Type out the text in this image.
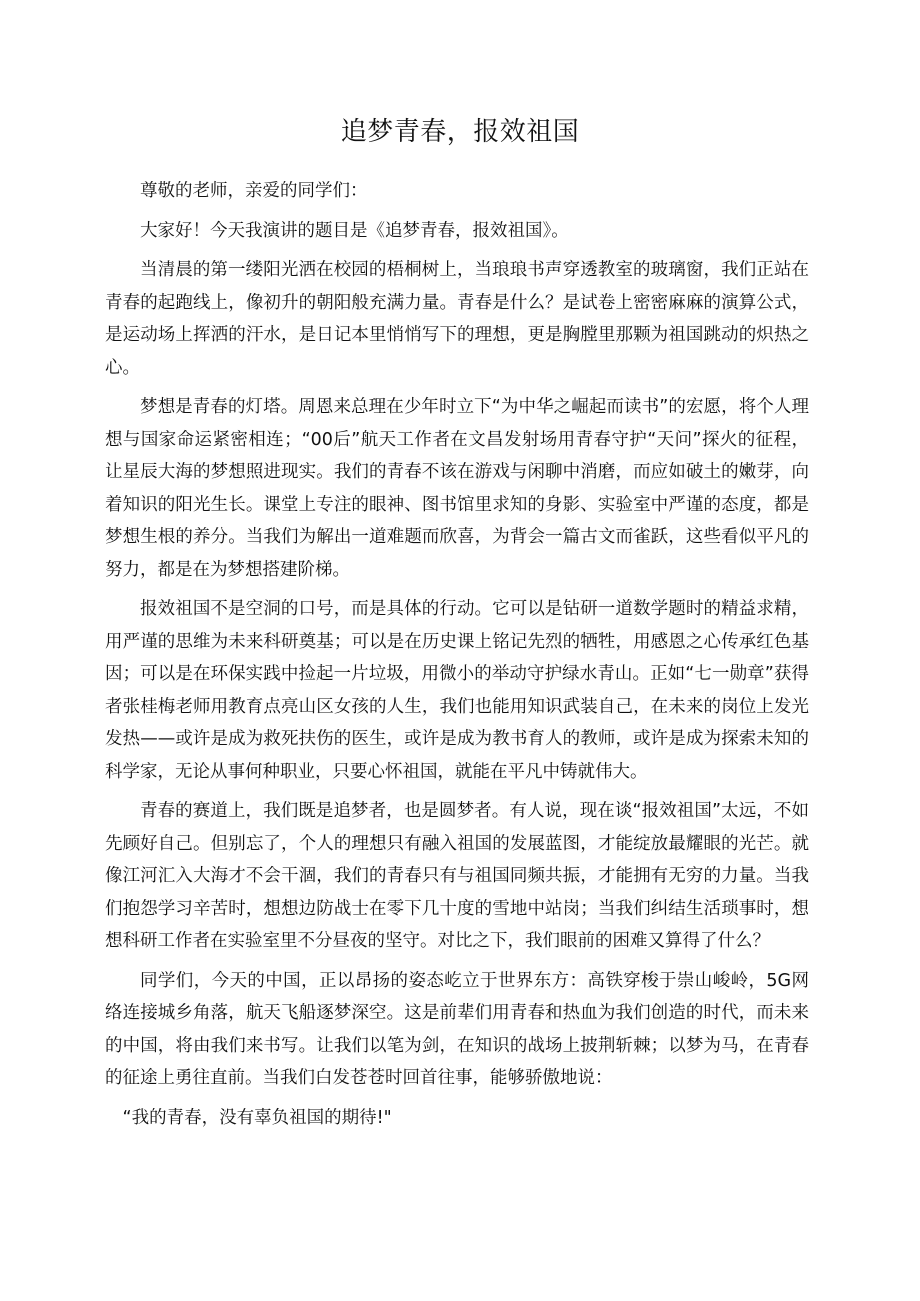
追梦青春，报效祖国

尊敬的老师，亲爱的同学们：

大家好！今天我演讲的题目是《追梦青春，报效祖国》。

当清晨的第一缕阳光洒在校园的梧桐树上，当琅琅书声穿透教室的玻璃窗，我们正站在青春的起跑线上，像初升的朝阳般充满力量。青春是什么？是试卷上密密麻麻的演算公式，是运动场上挥洒的汗水，是日记本里悄悄写下的理想，更是胸膛里那颗为祖国跳动的炽热之心。

梦想是青春的灯塔。周恩来总理在少年时立下“为中华之崛起而读书”的宏愿，将个人理想与国家命运紧密相连；“00后”航天工作者在文昌发射场用青春守护“天问”探火的征程，让星辰大海的梦想照进现实。我们的青春不该在游戏与闲聊中消磨，而应如破土的嫩芽，向着知识的阳光生长。课堂上专注的眼神、图书馆里求知的身影、实验室中严谨的态度，都是梦想生根的养分。当我们为解出一道难题而欣喜，为背会一篇古文而雀跃，这些看似平凡的努力，都是在为梦想搭建阶梯。

报效祖国不是空洞的口号，而是具体的行动。它可以是钻研一道数学题时的精益求精，用严谨的思维为未来科研奠基；可以是在历史课上铭记先烈的牺牲，用感恩之心传承红色基因；可以是在环保实践中捡起一片垃圾，用微小的举动守护绿水青山。正如“七一勋章”获得者张桂梅老师用教育点亮山区女孩的人生，我们也能用知识武装自己，在未来的岗位上发光发热——或许是成为救死扶伤的医生，或许是成为教书育人的教师，或许是成为探索未知的科学家，无论从事何种职业，只要心怀祖国，就能在平凡中铸就伟大。

青春的赛道上，我们既是追梦者，也是圆梦者。有人说，现在谈“报效祖国”太远，不如先顾好自己。但别忘了，个人的理想只有融入祖国的发展蓝图，才能绽放最耀眼的光芒。就像江河汇入大海才不会干涸，我们的青春只有与祖国同频共振，才能拥有无穷的力量。当我们抱怨学习辛苦时，想想边防战士在零下几十度的雪地中站岗；当我们纠结生活琐事时，想想科研工作者在实验室里不分昼夜的坚守。对比之下，我们眼前的困难又算得了什么？

同学们，今天的中国，正以昂扬的姿态屹立于世界东方：高铁穿梭于崇山峻岭，5G网络连接城乡角落，航天飞船逐梦深空。这是前辈们用青春和热血为我们创造的时代，而未来的中国，将由我们来书写。让我们以笔为剑，在知识的战场上披荆斩棘；以梦为马，在青春的征途上勇往直前。当我们白发苍苍时回首往事，能够骄傲地说：

“我的青春，没有辜负祖国的期待!"
